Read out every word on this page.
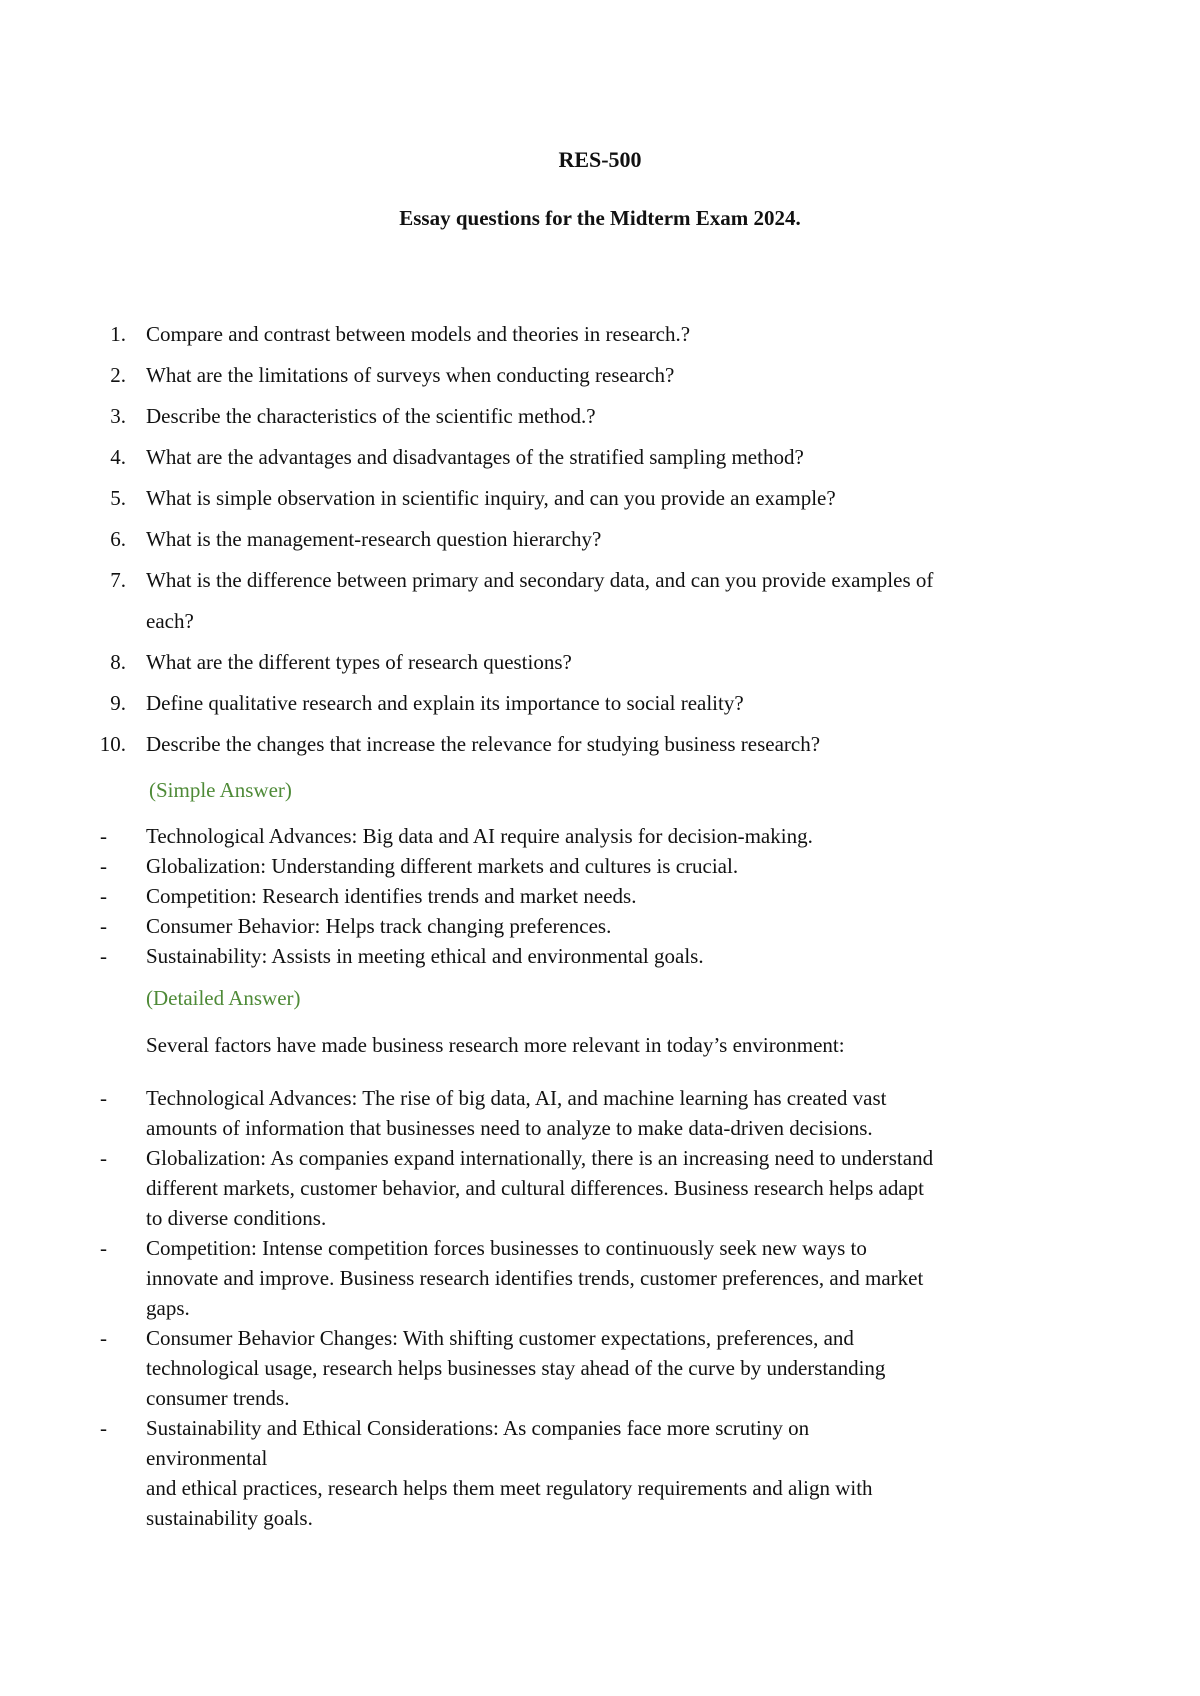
RES-500
Essay questions for the Midterm Exam 2024.
1. Compare and contrast between models and theories in research.?
2. What are the limitations of surveys when conducting research?
3. Describe the characteristics of the scientific method.?
4. What are the advantages and disadvantages of the stratified sampling method?
5. What is simple observation in scientific inquiry, and can you provide an example?
6. What is the management-research question hierarchy?
7. What is the difference between primary and secondary data, and can you provide examples of
each?
8. What are the different types of research questions?
9. Define qualitative research and explain its importance to social reality?
10. Describe the changes that increase the relevance for studying business research?
(Simple Answer)
- Technological Advances: Big data and AI require analysis for decision-making.
- Globalization: Understanding different markets and cultures is crucial.
- Competition: Research identifies trends and market needs.
- Consumer Behavior: Helps track changing preferences.
- Sustainability: Assists in meeting ethical and environmental goals.
(Detailed Answer)
Several factors have made business research more relevant in today’s environment:
- Technological Advances: The rise of big data, AI, and machine learning has created vast
amounts of information that businesses need to analyze to make data-driven decisions.
- Globalization: As companies expand internationally, there is an increasing need to understand
different markets, customer behavior, and cultural differences. Business research helps adapt
to diverse conditions.
- Competition: Intense competition forces businesses to continuously seek new ways to
innovate and improve. Business research identifies trends, customer preferences, and market
gaps.
- Consumer Behavior Changes: With shifting customer expectations, preferences, and
technological usage, research helps businesses stay ahead of the curve by understanding
consumer trends.
- Sustainability and Ethical Considerations: As companies face more scrutiny on
environmental
and ethical practices, research helps them meet regulatory requirements and align with
sustainability goals.
